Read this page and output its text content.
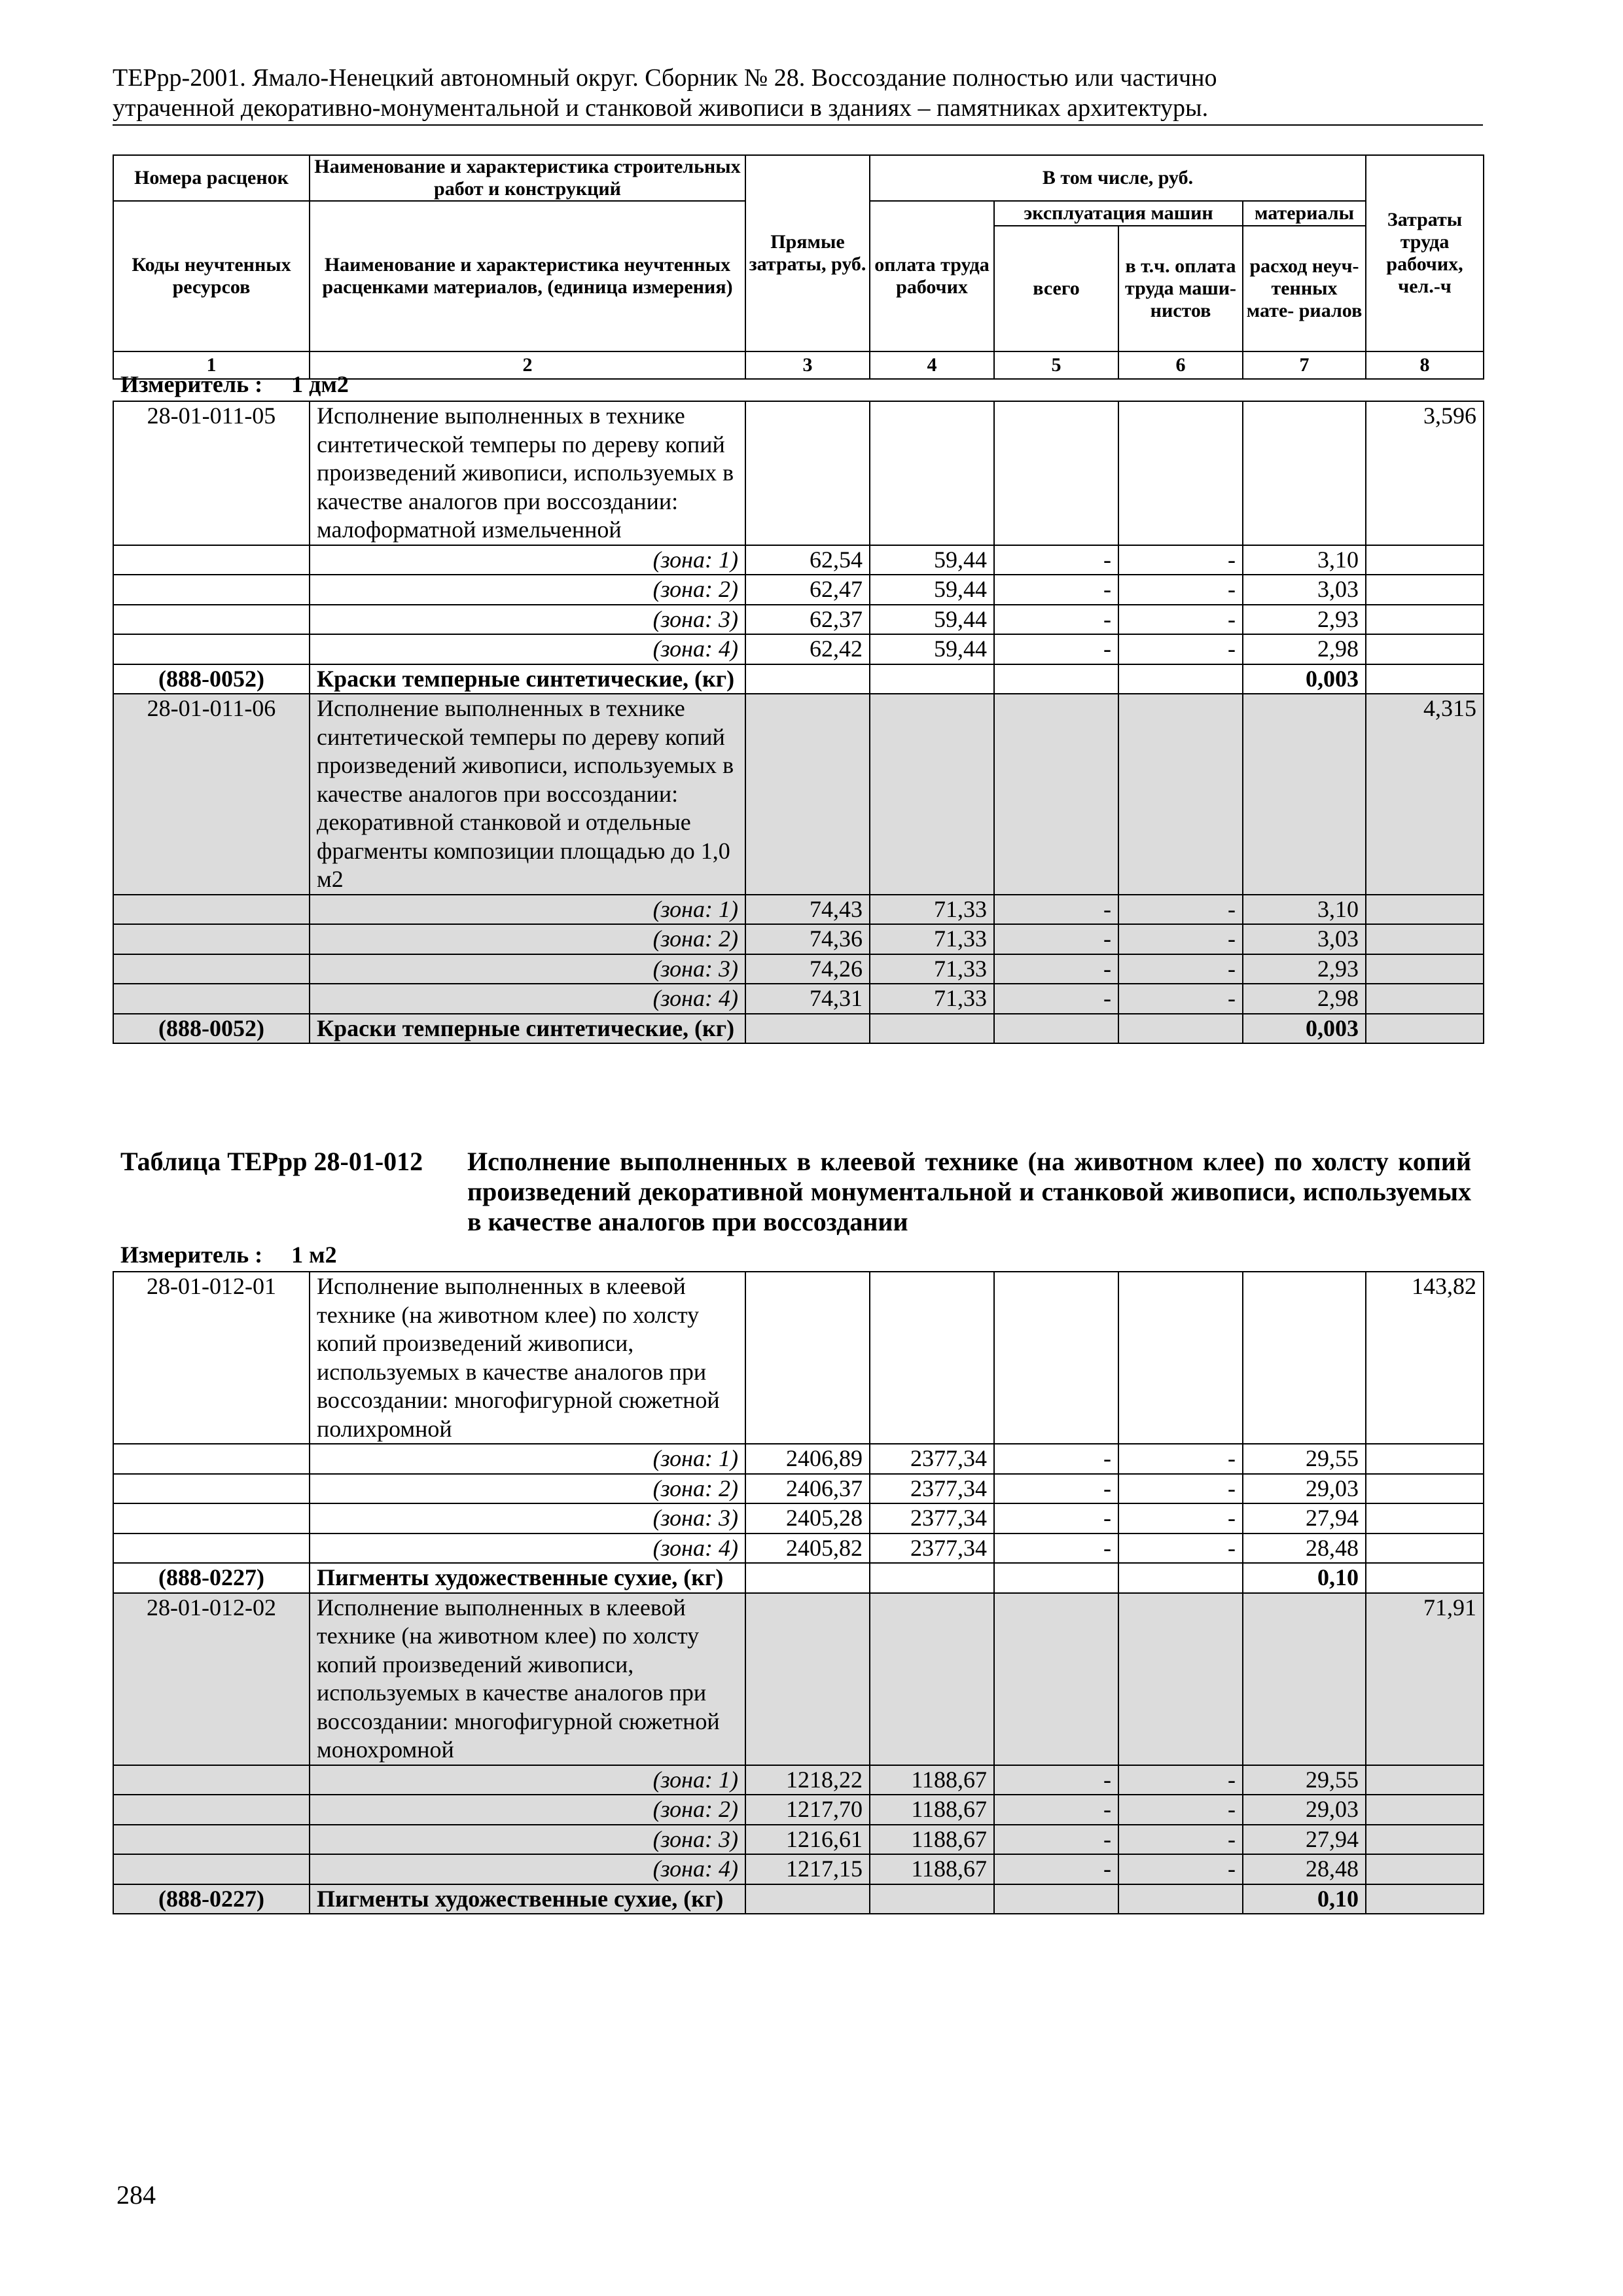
ТЕРрр-2001. Ямало-Ненецкий автономный округ. Сборник № 28. Воссоздание полностью или частично
утраченной декоративно-монументальной и станковой живописи в зданиях – памятниках архитектуры.
Номера расценок	Наименование и характеристика строительных работ и конструкций	Прямые затраты, руб.	В том числе, руб.				Затраты труда рабочих, чел.-ч
Коды неучтенных ресурсов	Наименование и характеристика неучтенных расценками материалов, (единица измерения)		оплата труда рабочих	эксплуатация машин		материалы	
				всего	в т.ч. оплата труда маши- нистов	расход неуч- тенных мате- риалов	
1	2	3	4	5	6	7	8
Измеритель : 1 дм2
28-01-011-05	Исполнение выполненных в технике синтетической темперы по дереву копий произведений живописи, используемых в качестве аналогов при воссоздании: малоформатной измельченной						3,596
	(зона: 1)	62,54	59,44	-	-	3,10	
	(зона: 2)	62,47	59,44	-	-	3,03	
	(зона: 3)	62,37	59,44	-	-	2,93	
	(зона: 4)	62,42	59,44	-	-	2,98	
(888-0052)	Краски темперные синтетические, (кг)					0,003	
28-01-011-06	Исполнение выполненных в технике синтетической темперы по дереву копий произведений живописи, используемых в качестве аналогов при воссоздании: декоративной станковой и отдельные фрагменты композиции площадью до 1,0 м2						4,315
	(зона: 1)	74,43	71,33	-	-	3,10	
	(зона: 2)	74,36	71,33	-	-	3,03	
	(зона: 3)	74,26	71,33	-	-	2,93	
	(зона: 4)	74,31	71,33	-	-	2,98	
(888-0052)	Краски темперные синтетические, (кг)					0,003	
Таблица ТЕРрр 28-01-012 Исполнение выполненных в клеевой технике (на животном клее) по холсту копий произведений декоративной монументальной и станковой живописи, используемых в качестве аналогов при воссоздании
Измеритель : 1 м2
28-01-012-01	Исполнение выполненных в клеевой технике (на животном клее) по холсту копий произведений живописи, используемых в качестве аналогов при воссоздании: многофигурной сюжетной полихромной						143,82
	(зона: 1)	2406,89	2377,34	-	-	29,55	
	(зона: 2)	2406,37	2377,34	-	-	29,03	
	(зона: 3)	2405,28	2377,34	-	-	27,94	
	(зона: 4)	2405,82	2377,34	-	-	28,48	
(888-0227)	Пигменты художественные сухие, (кг)					0,10	
28-01-012-02	Исполнение выполненных в клеевой технике (на животном клее) по холсту копий произведений живописи, используемых в качестве аналогов при воссоздании: многофигурной сюжетной монохромной						71,91
	(зона: 1)	1218,22	1188,67	-	-	29,55	
	(зона: 2)	1217,70	1188,67	-	-	29,03	
	(зона: 3)	1216,61	1188,67	-	-	27,94	
	(зона: 4)	1217,15	1188,67	-	-	28,48	
(888-0227)	Пигменты художественные сухие, (кг)					0,10	
284
